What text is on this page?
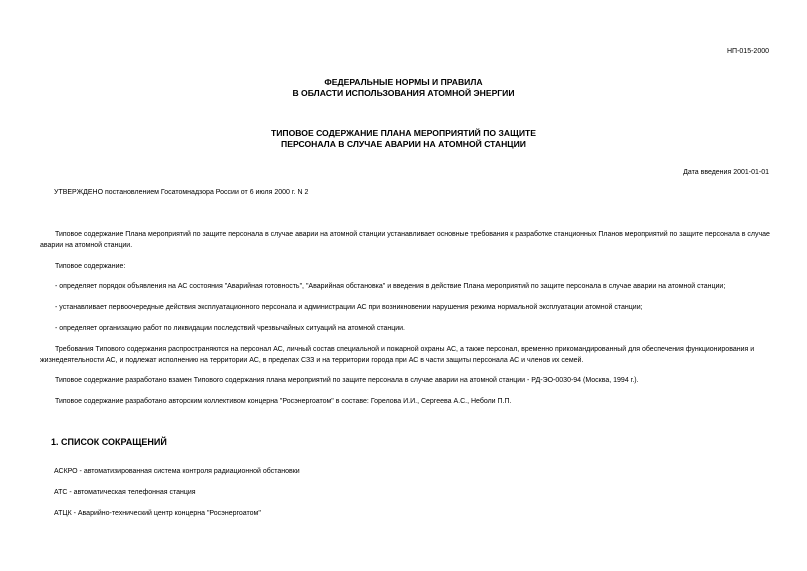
НП-015-2000
ФЕДЕРАЛЬНЫЕ НОРМЫ И ПРАВИЛА
В ОБЛАСТИ ИСПОЛЬЗОВАНИЯ АТОМНОЙ ЭНЕРГИИ
ТИПОВОЕ СОДЕРЖАНИЕ ПЛАНА МЕРОПРИЯТИЙ ПО ЗАЩИТЕ
ПЕРСОНАЛА В СЛУЧАЕ АВАРИИ НА АТОМНОЙ СТАНЦИИ
Дата введения 2001-01-01
УТВЕРЖДЕНО постановлением Госатомнадзора России от 6 июля 2000 г. N 2
Типовое содержание Плана мероприятий по защите персонала в случае аварии на атомной станции устанавливает основные требования к разработке станционных Планов мероприятий по защите персонала в случае аварии на атомной станции.
Типовое содержание:
- определяет порядок объявления на АС состояния "Аварийная готовность", "Аварийная обстановка" и введения в действие Плана мероприятий по защите персонала в случае аварии на атомной станции;
- устанавливает первоочередные действия эксплуатационного персонала и администрации АС при возникновении нарушения режима нормальной эксплуатации атомной станции;
- определяет организацию работ по ликвидации последствий чрезвычайных ситуаций на атомной станции.
Требования Типового содержания распространяются на персонал АС, личный состав специальной и пожарной охраны АС, а также персонал, временно прикомандированный для обеспечения функционирования и жизнедеятельности АС, и подлежат исполнению на территории АС, в пределах СЗЗ и на территории города при АС в части защиты персонала АС и членов их семей.
Типовое содержание разработано взамен Типового содержания плана мероприятий по защите персонала в случае аварии на атомной станции - РД-ЭО-0030-94 (Москва, 1994 г.).
Типовое содержание разработано авторским коллективом концерна "Росэнергоатом" в составе: Горелова И.И., Сергеева А.С., Неболи П.П.
1. СПИСОК СОКРАЩЕНИЙ
АСКРО - автоматизированная система контроля радиационной обстановки
АТС - автоматическая телефонная станция
АТЦК - Аварийно-технический центр концерна "Росэнергоатом"
